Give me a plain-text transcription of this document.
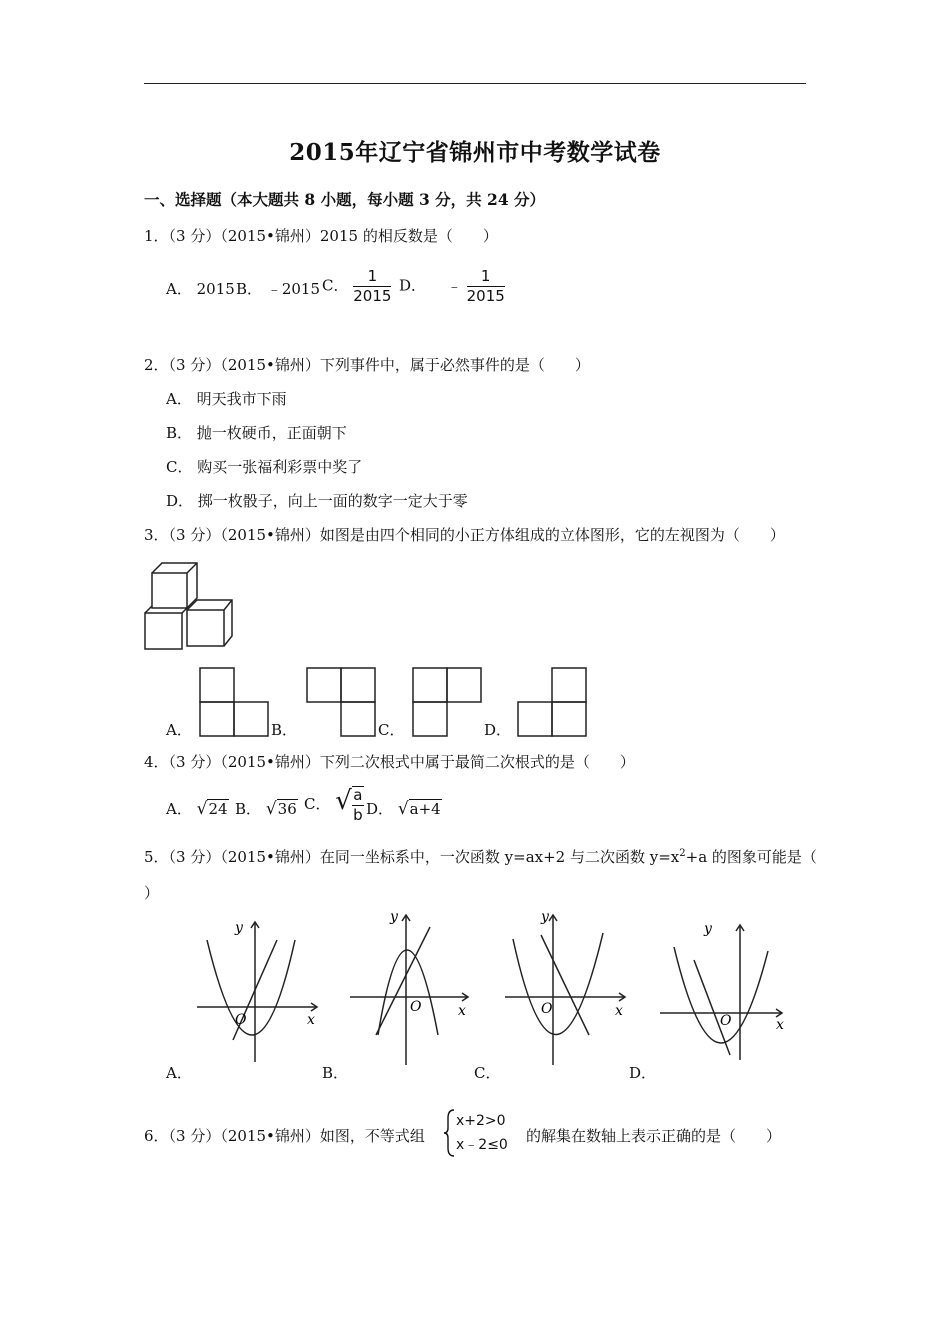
2015年辽宁省锦州市中考数学试卷
一、选择题（本大题共 8 小题，每小题 3 分，共 24 分）
1．（3 分）（2015•锦州）2015 的相反数是（　　）
A． 2015 B． ﹣2015 C． $\frac{1}{2015}$ D． ﹣ $\frac{1}{2015}$
2．（3 分）（2015•锦州）下列事件中，属于必然事件的是（　　）
A． 明天我市下雨
B． 抛一枚硬币，正面朝下
C． 购买一张福利彩票中奖了
D． 掷一枚骰子，向上一面的数字一定大于零
3．（3 分）（2015•锦州）如图是由四个相同的小正方体组成的立体图形，它的左视图为（　　）
A．	B．	C．	D．
4．（3 分）（2015•锦州）下列二次根式中属于最简二次根式的是（　　）
A． √24 B． √36 C． √ $\frac{a}{b}$ D． √a+4
5．（3 分）（2015•锦州）在同一坐标系中，一次函数 y=ax+2 与二次函数 $y=x^2+a$ 的图象可能是（
）
y
x
O
A．
y
x
O
B．
y
x
O
C．
y
x
O
D．
6．（3 分）（2015•锦州）如图，不等式组
x+2>0
x﹣2≤0 的解集在数轴上表示正确的是（　　）
